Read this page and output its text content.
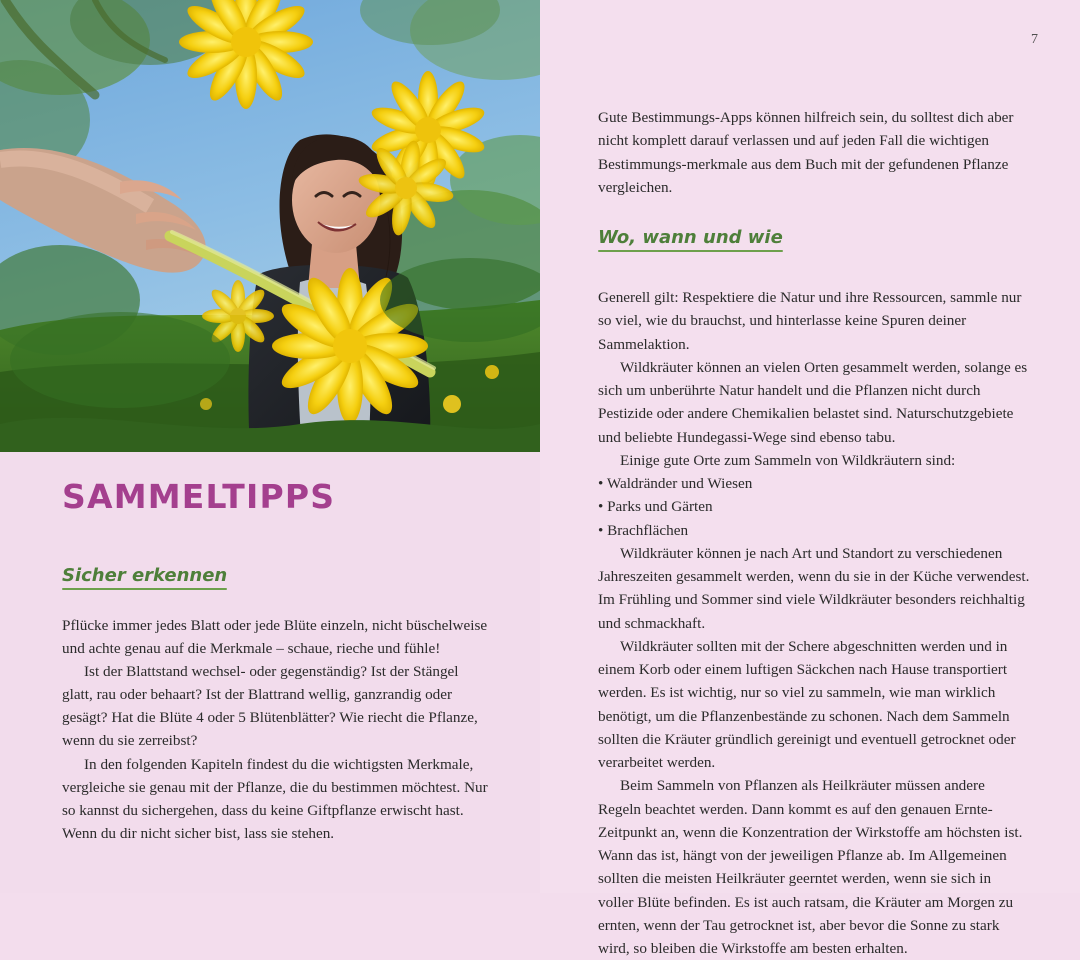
SAMMELTIPPS
Sicher erkennen

Pflücke immer jedes Blatt oder jede Blüte einzeln, nicht büschelweise und achte genau auf die Merkmale – schaue, rieche und fühle!

Ist der Blattstand wechsel- oder gegenständig? Ist der Stängel glatt, rau oder behaart? Ist der Blattrand wellig, ganzrandig oder gesägt? Hat die Blüte 4 oder 5 Blütenblätter? Wie riecht die Pflanze, wenn du sie zerreibst?

In den folgenden Kapiteln findest du die wichtigsten Merkmale, vergleiche sie genau mit der Pflanze, die du bestimmen möchtest. Nur so kannst du sichergehen, dass du keine Giftpflanze erwischt hast. Wenn du dir nicht sicher bist, lass sie stehen.

7

Gute Bestimmungs-Apps können hilfreich sein, du solltest dich aber nicht komplett darauf verlassen und auf jeden Fall die wichtigen Bestimmungs-merkmale aus dem Buch mit der gefundenen Pflanze vergleichen.

Wo, wann und wie

Generell gilt: Respektiere die Natur und ihre Ressourcen, sammle nur so viel, wie du brauchst, und hinterlasse keine Spuren deiner Sammelaktion.

Wildkräuter können an vielen Orten gesammelt werden, solange es sich um unberührte Natur handelt und die Pflanzen nicht durch Pestizide oder andere Chemikalien belastet sind. Naturschutzgebiete und beliebte Hundegassi-Wege sind ebenso tabu.

Einige gute Orte zum Sammeln von Wildkräutern sind:

• Waldränder und Wiesen

• Parks und Gärten

• Brachflächen

Wildkräuter können je nach Art und Standort zu verschiedenen Jahreszeiten gesammelt werden, wenn du sie in der Küche verwendest. Im Frühling und Sommer sind viele Wildkräuter besonders reichhaltig und schmackhaft.

Wildkräuter sollten mit der Schere abgeschnitten werden und in einem Korb oder einem luftigen Säckchen nach Hause transportiert werden. Es ist wichtig, nur so viel zu sammeln, wie man wirklich benötigt, um die Pflanzenbestände zu schonen. Nach dem Sammeln sollten die Kräuter gründlich gereinigt und eventuell getrocknet oder verarbeitet werden.

Beim Sammeln von Pflanzen als Heilkräuter müssen andere Regeln beachtet werden. Dann kommt es auf den genauen Ernte-Zeitpunkt an, wenn die Konzentration der Wirkstoffe am höchsten ist. Wann das ist, hängt von der jeweiligen Pflanze ab. Im Allgemeinen sollten die meisten Heilkräuter geerntet werden, wenn sie sich in voller Blüte befinden. Es ist auch ratsam, die Kräuter am Morgen zu ernten, wenn der Tau getrocknet ist, aber bevor die Sonne zu stark wird, so bleiben die Wirkstoffe am besten erhalten.
